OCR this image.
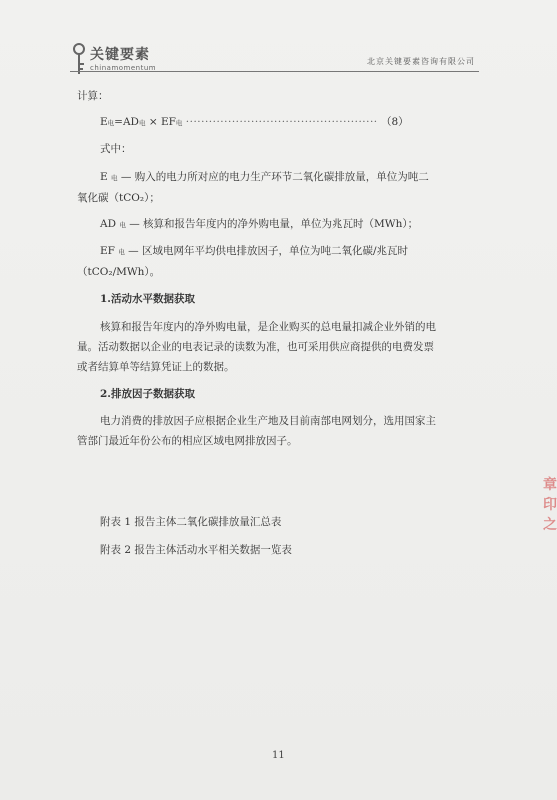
关键要素
chinamomentum
北京关键要素咨询有限公司
计算：
E电=AD电 × EF电 ·················································· （8）
式中：
E 电 — 购入的电力所对应的电力生产环节二氧化碳排放量，单位为吨二
氧化碳（tCO₂）；
AD 电 — 核算和报告年度内的净外购电量，单位为兆瓦时（MWh）；
EF 电 — 区域电网年平均供电排放因子，单位为吨二氧化碳/兆瓦时
（tCO₂/MWh）。
1.活动水平数据获取
核算和报告年度内的净外购电量，是企业购买的总电量扣减企业外销的电
量。活动数据以企业的电表记录的读数为准，也可采用供应商提供的电费发票
或者结算单等结算凭证上的数据。
2.排放因子数据获取
电力消费的排放因子应根据企业生产地及目前南部电网划分，选用国家主
管部门最近年份公布的相应区域电网排放因子。
附表 1 报告主体二氧化碳排放量汇总表
附表 2 报告主体活动水平相关数据一览表
11
章 印 之
